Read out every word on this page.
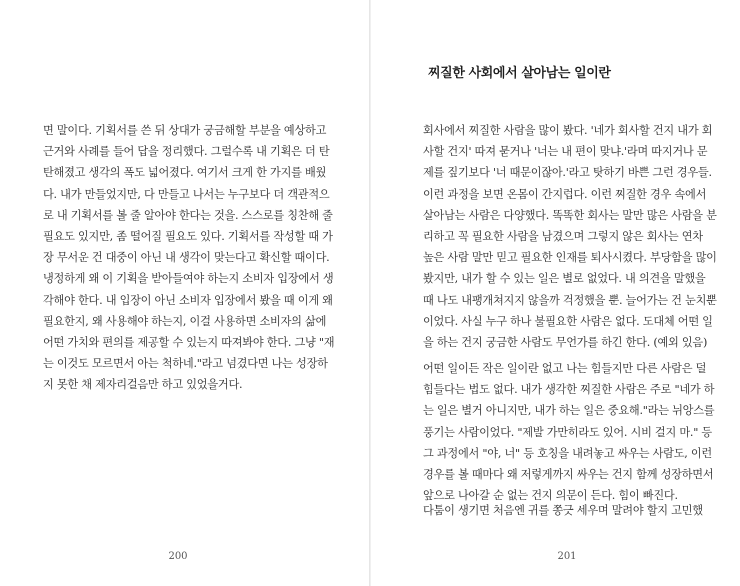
면 말이다. 기획서를 쓴 뒤 상대가 궁금해할 부분을 예상하고
근거와 사례를 들어 답을 정리했다. 그럴수록 내 기획은 더 탄
탄해졌고 생각의 폭도 넓어졌다. 여기서 크게 한 가지를 배웠
다. 내가 만들었지만, 다 만들고 나서는 누구보다 더 객관적으
로 내 기획서를 볼 줄 알아야 한다는 것을. 스스로를 칭찬해 줄
필요도 있지만, 좀 떨어질 필요도 있다. 기획서를 작성할 때 가
장 무서운 건 대중이 아닌 내 생각이 맞는다고 확신할 때이다.
냉정하게 왜 이 기획을 받아들여야 하는지 소비자 입장에서 생
각해야 한다. 내 입장이 아닌 소비자 입장에서 봤을 때 이게 왜
필요한지, 왜 사용해야 하는지, 이걸 사용하면 소비자의 삶에
어떤 가치와 편의를 제공할 수 있는지 따져봐야 한다. 그냥 "재
는 이것도 모르면서 아는 척하네."라고 넘겼다면 나는 성장하
지 못한 채 제자리걸음만 하고 있었을거다.
200
찌질한 사회에서 살아남는 일이란
회사에서 찌질한 사람을 많이 봤다. '네가 회사할 건지 내가 회
사할 건지' 따져 묻거나 '너는 내 편이 맞냐.'라며 따지거나 문
제를 짚기보다 '너 때문이잖아.'라고 탓하기 바쁜 그런 경우들.
이런 과정을 보면 온몸이 간지럽다. 이런 찌질한 경우 속에서
살아남는 사람은 다양했다. 똑똑한 회사는 말만 많은 사람을 분
리하고 꼭 필요한 사람을 남겼으며 그렇지 않은 회사는 연차
높은 사람 말만 믿고 필요한 인재를 퇴사시켰다. 부당함을 많이
봤지만, 내가 할 수 있는 일은 별로 없었다. 내 의견을 말했을
때 나도 내팽개쳐지지 않을까 걱정했을 뿐. 늘어가는 건 눈치뿐
이었다. 사실 누구 하나 불필요한 사람은 없다. 도대체 어떤 일
을 하는 건지 궁금한 사람도 무언가를 하긴 한다. (예외 있음)
어떤 일이든 작은 일이란 없고 나는 힘들지만 다른 사람은 덜
힘들다는 법도 없다. 내가 생각한 찌질한 사람은 주로 "네가 하
는 일은 별거 아니지만, 내가 하는 일은 중요해."라는 뉘앙스를
풍기는 사람이었다. "제발 가만히라도 있어. 시비 걸지 마." 등
그 과정에서 "야, 너" 등 호칭을 내려놓고 싸우는 사람도, 이런
경우를 볼 때마다 왜 저렇게까지 싸우는 건지 함께 성장하면서
앞으로 나아갈 순 없는 건지 의문이 든다. 힘이 빠진다.
다툼이 생기면 처음엔 귀를 쫑긋 세우며 말려야 할지 고민했
201
